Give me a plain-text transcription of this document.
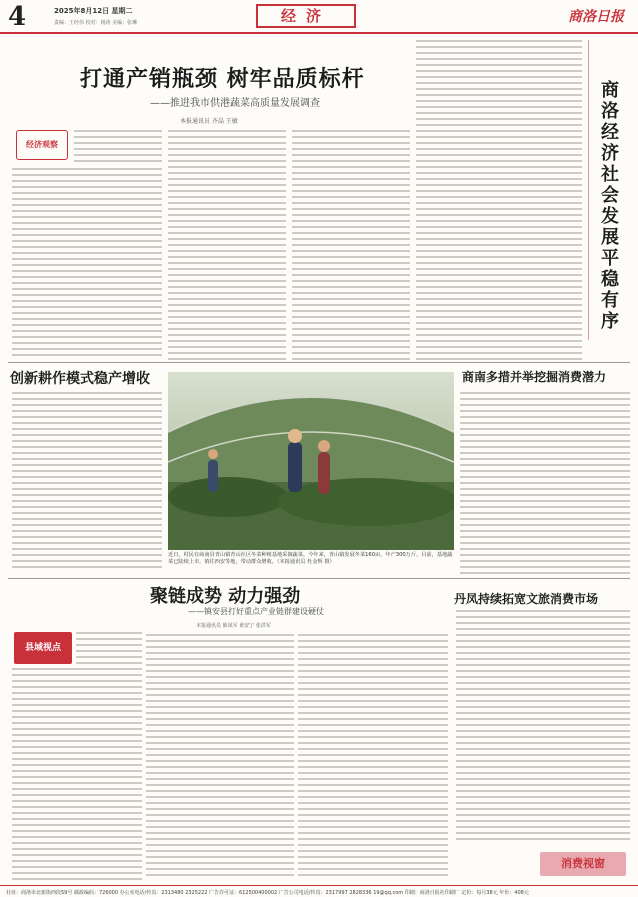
4	2025年8月12日 星期二
责编：王经伟 校对：杨涛 美编：张琳	经济	商洛日报
打通产销瓶颈 树牢品质标杆
——推进我市供港蔬菜高质量发展调查
本报通讯员 齐晶 王敏
经济观察
商
洛
经
济
社
会
发
展
平
稳
有
序
创新耕作模式稳产增收
近日，村民在商南县青山镇青山社区冬菜种植基地采摘蔬菜。今年来，青山镇发展冬菜160亩，年产300万斤。目前，基地蔬菜已陆续上市，销往西安等地，带动群众增收。（本报通讯员 杜金辉 摄）
商南多措并举挖掘消费潜力
聚链成势 动力强劲
——镇安县打好重点产业链群建设硬仗
本报通讯员 陈凤军 黄安宁 张洪军
县域视点
丹凤持续拓宽文旅消费市场
消费视窗
社址：商洛市北新街西段59号 邮政编码：726000 办公室电话/传真：2313480 2325222 广告许可证：612500400002 广告公司电话/传真：2317997 2828336 19@qq.com 印刷：商洛日报社印刷厂 定价：每月38元 年价：408元
